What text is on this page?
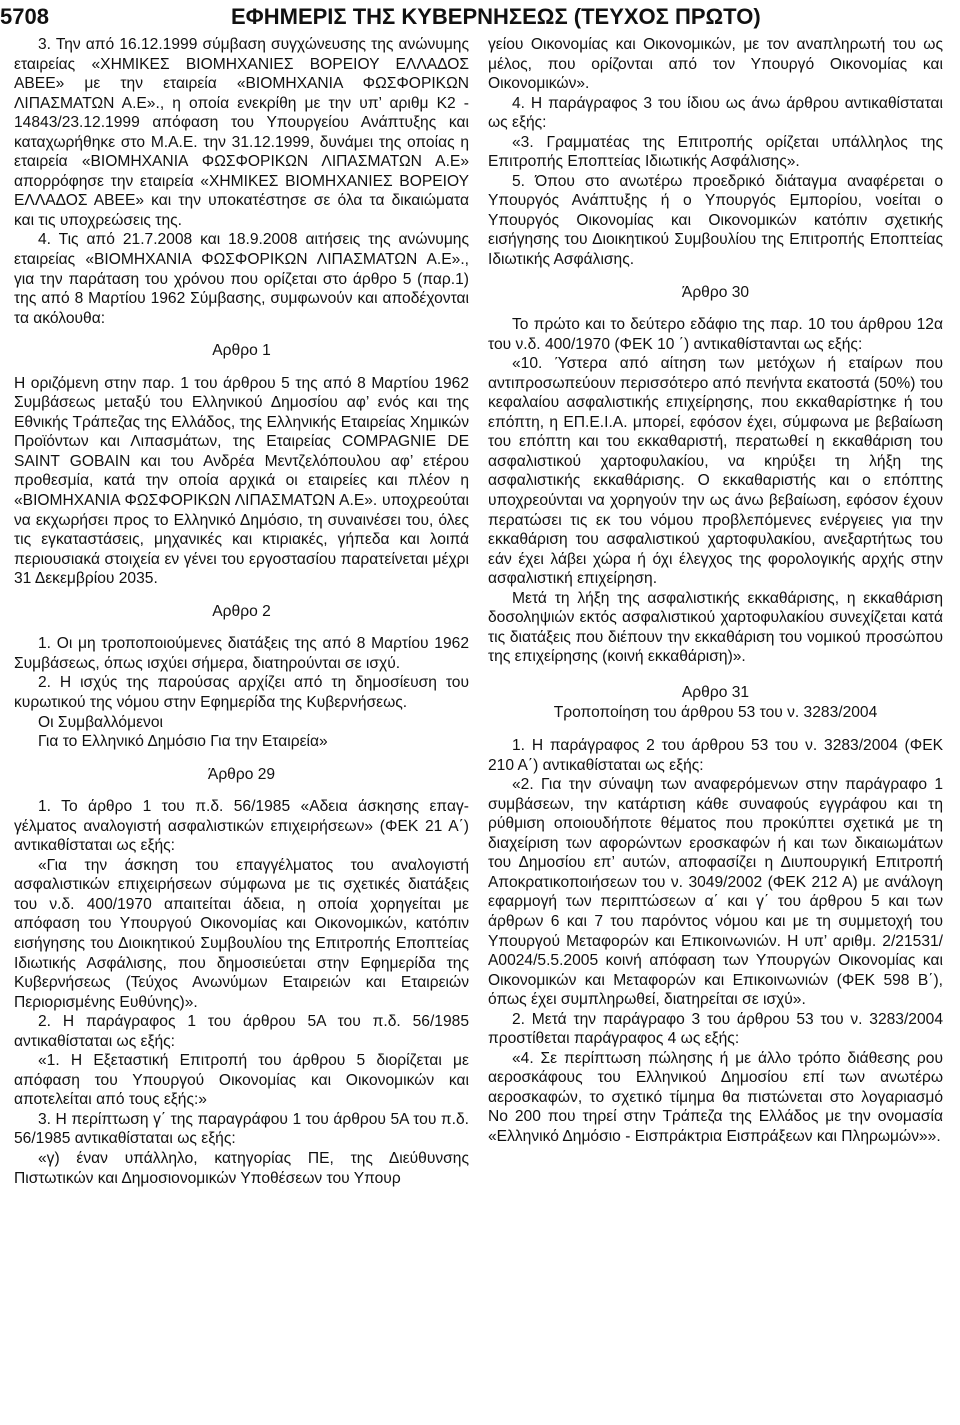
5708	ΕΦΗΜΕΡΙΣ ΤΗΣ ΚΥΒΕΡΝΗΣΕΩΣ (ΤΕΥΧΟΣ ΠΡΩΤΟ)

3. Την από 16.12.1999 σύμβαση συγχώνευσης της ανώνυμης εταιρείας «ΧΗΜΙΚΕΣ ΒΙΟΜΗΧΑΝΙΕΣ ΒΟΡΕΙΟΥ ΕΛΛΑΔΟΣ ΑΒΕΕ» με την εταιρεία «ΒΙΟΜΗΧΑΝΙΑ ΦΩΣΦΟΡΙΚΩΝ ΛΙΠΑΣΜΑΤΩΝ Α.Ε»., η οποία ενεκρίθη με την υπ’ αριθμ Κ2 ‑ 14843/23.12.1999 απόφαση του Υπουργείου Ανάπτυξης και καταχωρήθηκε στο Μ.Α.Ε. την 31.12.1999, δυνάμει της οποίας η εταιρεία «ΒΙΟΜΗΧΑΝΙΑ ΦΩΣΦΟΡΙΚΩΝ ΛΙΠΑΣΜΑΤΩΝ Α.Ε» απορρόφησε την εταιρεία «ΧΗΜΙΚΕΣ ΒΙΟΜΗΧΑΝΙΕΣ ΒΟΡΕΙΟΥ ΕΛΛΑΔΟΣ ΑΒΕΕ» και την υποκατέστησε σε όλα τα δικαιώματα και τις υποχρεώσεις της.

4. Τις από 21.7.2008 και 18.9.2008 αιτήσεις της ανώνυμης εταιρείας «ΒΙΟΜΗΧΑΝΙΑ ΦΩΣΦΟΡΙΚΩΝ ΛΙΠΑΣΜΑΤΩΝ Α.Ε»., για την παράταση του χρόνου που ορίζεται στο άρθρο 5 (παρ.1) της από 8 Μαρτίου 1962 Σύμβασης, συμφωνούν και αποδέχονται τα ακόλουθα:

Αρθρο 1

Η οριζόμενη στην παρ. 1 του άρθρου 5 της από 8 Μαρτίου 1962 Συμβάσεως μεταξύ του Ελληνικού Δημοσίου αφ’ ενός και της Εθνικής Τράπεζας της Ελλάδος, της Ελληνικής Εταιρείας Χημικών Προϊόντων και Λιπασμάτων, της Εταιρείας COMPAGNIE DE SAINT GOBAIN και του Ανδρέα Μεντζελόπουλου αφ’ ετέρου προθεσμία, κατά την οποία αρχικά οι εταιρείες και πλέον η «ΒΙΟΜΗΧΑΝΙΑ ΦΩΣΦΟΡΙΚΩΝ ΛΙΠΑΣΜΑΤΩΝ Α.Ε». υποχρεούται να εκχωρήσει προς το Ελληνικό Δημόσιο, τη συναινέσει του, όλες τις εγκαταστάσεις, μηχανικές και κτιριακές, γήπεδα και λοιπά περιουσιακά στοιχεία εν γένει του εργοστασίου παρατείνεται μέχρι 31 Δεκεμβρίου 2035.

Αρθρο 2

1. Οι μη τροποποιούμενες διατάξεις της από 8 Μαρτίου 1962 Συμβάσεως, όπως ισχύει σήμερα, διατηρούνται σε ισχύ.

2. Η ισχύς της παρούσας αρχίζει από τη δημοσίευση του κυρωτικού της νόμου στην Εφημερίδα της Κυβερνήσεως.

Οι Συμβαλλόμενοι

Για το Ελληνικό Δημόσιο Για την Εταιρεία»

Άρθρο 29

1. Το άρθρο 1 του π.δ. 56/1985 «Αδεια άσκησης επαγγέλματος αναλογιστή ασφαλιστικών επιχειρήσεων» (ΦΕΚ 21 Α΄) αντικαθίσταται ως εξής:

«Για την άσκηση του επαγγέλματος του αναλογιστή ασφαλιστικών επιχειρήσεων σύμφωνα με τις σχετικές διατάξεις του ν.δ. 400/1970 απαιτείται άδεια, η οποία χορηγείται με απόφαση του Υπουργού Οικονομίας και Οικονομικών, κατόπιν εισήγησης του Διοικητικού Συμβουλίου της Επιτροπής Εποπτείας Ιδιωτικής Ασφάλισης, που δημοσιεύεται στην Εφημερίδα της Κυβερνήσεως (Τεύχος Ανωνύμων Εταιρειών και Εταιρειών Περιορισμένης Ευθύνης)».

2. Η παράγραφος 1 του άρθρου 5Α του π.δ. 56/1985 αντικαθίσταται ως εξής:

«1. Η Εξεταστική Επιτροπή του άρθρου 5 διορίζεται με απόφαση του Υπουργού Οικονομίας και Οικονομικών και αποτελείται από τους εξής:»

3. Η περίπτωση γ΄ της παραγράφου 1 του άρθρου 5Α του π.δ. 56/1985 αντικαθίσταται ως εξής:

«γ) έναν υπάλληλο, κατηγορίας ΠΕ, της Διεύθυνσης Πιστωτικών και Δημοσιονομικών Υποθέσεων του Υπουρ

γείου Οικονομίας και Οικονομικών, με τον αναπληρωτή του ως μέλος, που ορίζονται από τον Υπουργό Οικονομίας και Οικονομικών».

4. Η παράγραφος 3 του ίδιου ως άνω άρθρου αντικαθίσταται ως εξής:

«3. Γραμματέας της Επιτροπής ορίζεται υπάλληλος της Επιτροπής Εποπτείας Ιδιωτικής Ασφάλισης».

5. Όπου στο ανωτέρω προεδρικό διάταγμα αναφέρεται ο Υπουργός Ανάπτυξης ή ο Υπουργός Εμπορίου, νοείται ο Υπουργός Οικονομίας και Οικονομικών κατόπιν σχετικής εισήγησης του Διοικητικού Συμβουλίου της Επιτροπής Εποπτείας Ιδιωτικής Ασφάλισης.

Άρθρο 30

Το πρώτο και το δεύτερο εδάφιο της παρ. 10 του άρθρου 12α του ν.δ. 400/1970 (ΦΕΚ 10 ΄) αντικαθίστανται ως εξής:

«10. Ύστερα από αίτηση των μετόχων ή εταίρων που αντιπροσωπεύουν περισσότερο από πενήντα εκατοστά (50%) του κεφαλαίου ασφαλιστικής επιχείρησης, που εκκαθαρίστηκε ή του επόπτη, η ΕΠ.Ε.Ι.Α. μπορεί, εφόσον έχει, σύμφωνα με βεβαίωση του επόπτη και του εκκαθαριστή, περατωθεί η εκκαθάριση του ασφαλιστικού χαρτοφυλακίου, να κηρύξει τη λήξη της ασφαλιστικής εκκαθάρισης. Ο εκκαθαριστής και ο επόπτης υποχρεούνται να χορηγούν την ως άνω βεβαίωση, εφόσον έχουν περατώσει τις εκ του νόμου προβλεπόμενες ενέργειες για την εκκαθάριση του ασφαλιστικού χαρτοφυλακίου, ανεξαρτήτως του εάν έχει λάβει χώρα ή όχι έλεγχος της φορολογικής αρχής στην ασφαλιστική επιχείρηση.

Μετά τη λήξη της ασφαλιστικής εκκαθάρισης, η εκκαθάριση δοσοληψιών εκτός ασφαλιστικού χαρτοφυλακίου συνεχίζεται κατά τις διατάξεις που διέπουν την εκκαθάριση του νομικού προσώπου της επιχείρησης (κοινή εκκαθάριση)».

Αρθρο 31

Τροποποίηση του άρθρου 53 του ν. 3283/2004

1. Η παράγραφος 2 του άρθρου 53 του ν. 3283/2004 (ΦΕΚ 210 Α΄) αντικαθίσταται ως εξής:

«2. Για την σύναψη των αναφερόμενων στην παράγραφο 1 συμβάσεων, την κατάρτιση κάθε συναφούς εγγράφου και τη ρύθμιση οποιουδήποτε θέματος που προκύπτει σχετικά με τη διαχείριση των αφορώντων εροσκαφών ή και των δικαιωμάτων του Δημοσίου επ’ αυτών, αποφασίζει η Διυπουργική Επιτροπή Αποκρατικοποιήσεων του ν. 3049/2002 (ΦΕΚ 212 Α) με ανάλογη εφαρμογή των περιπτώσεων α΄ και γ΄ του άρθρου 5 και των άρθρων 6 και 7 του παρόντος νόμου και με τη συμμετοχή του Υπουργού Μεταφορών και Επικοινωνιών. Η υπ’ αριθμ. 2/21531/Α0024/5.5.2005 κοινή απόφαση των Υπουργών Οικονομίας και Οικονομικών και Μεταφορών και Επικοινωνιών (ΦΕΚ 598 Β΄), όπως έχει συμπληρωθεί, διατηρείται σε ισχύ».

2. Μετά την παράγραφο 3 του άρθρου 53 του ν. 3283/2004 προστίθεται παράγραφος 4 ως εξής:

«4. Σε περίπτωση πώλησης ή με άλλο τρόπο διάθεσης ρου αεροσκάφους του Ελληνικού Δημοσίου επί των ανωτέρω αεροσκαφών, το σχετικό τίμημα θα πιστώνεται στο λογαριασμό Νο 200 που τηρεί στην Τράπεζα της Ελλάδος με την ονομασία «Ελληνικό Δημόσιο ‑ Εισπράκτρια Εισπράξεων και Πληρωμών»».
